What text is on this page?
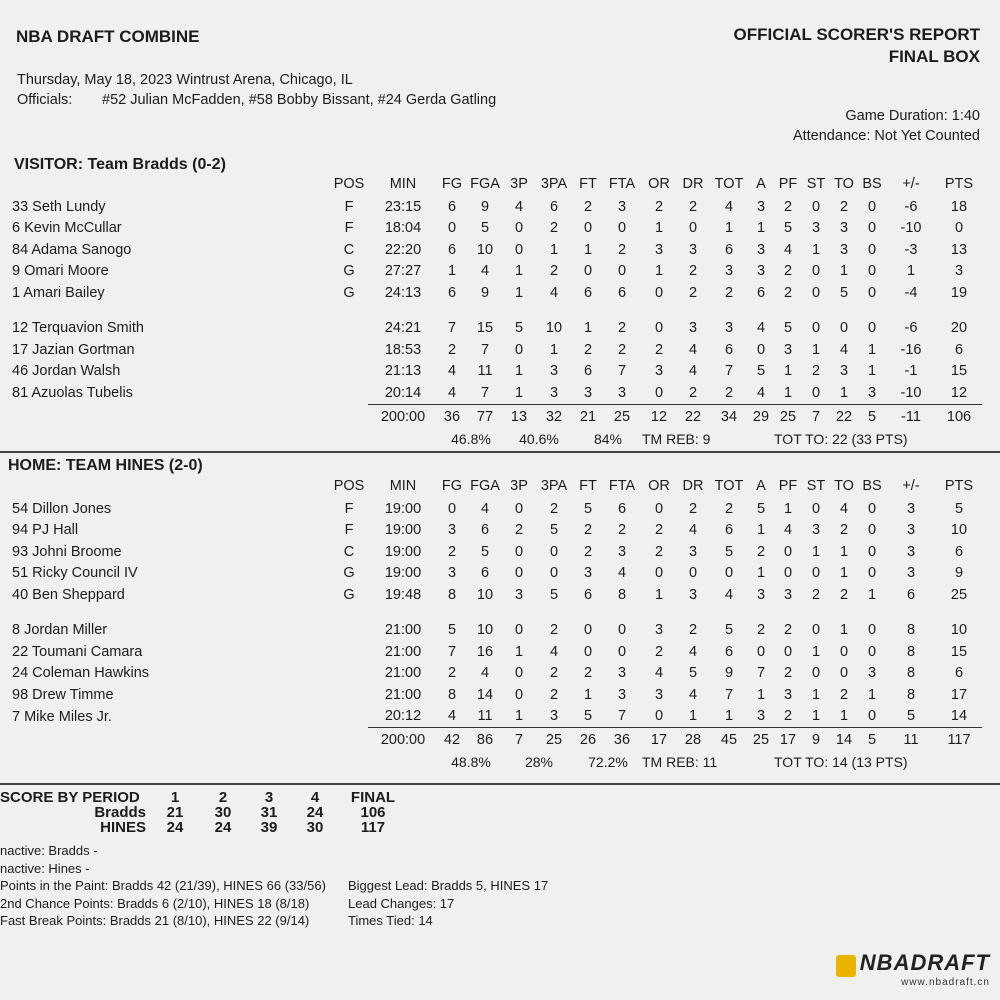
NBA DRAFT COMBINE	OFFICIAL SCORER'S REPORT
FINAL BOX
Thursday, May 18, 2023 Wintrust Arena, Chicago, IL
Officials: #52 Julian McFadden, #58 Bobby Bissant, #24 Gerda Gatling
Game Duration: 1:40
Attendance: Not Yet Counted
VISITOR: Team Bradds (0-2)
	POS	MIN	FG	FGA	3P	3PA	FT	FTA	OR	DR	TOT	A	PF	ST	TO	BS	+/-	PTS
33 Seth Lundy	F	23:15	6	9	4	6	2	3	2	2	4	3	2	0	2	0	-6	18
6 Kevin McCullar	F	18:04	0	5	0	2	0	0	1	0	1	1	5	3	3	0	-10	0
84 Adama Sanogo	C	22:20	6	10	0	1	1	2	3	3	6	3	4	1	3	0	-3	13
9 Omari Moore	G	27:27	1	4	1	2	0	0	1	2	3	3	2	0	1	0	1	3
1 Amari Bailey	G	24:13	6	9	1	4	6	6	0	2	2	6	2	0	5	0	-4	19

12 Terquavion Smith		24:21	7	15	5	10	1	2	0	3	3	4	5	0	0	0	-6	20
17 Jazian Gortman		18:53	2	7	0	1	2	2	2	4	6	0	3	1	4	1	-16	6
46 Jordan Walsh		21:13	4	11	1	3	6	7	3	4	7	5	1	2	3	1	-1	15
81 Azuolas Tubelis		20:14	4	7	1	3	3	3	0	2	2	4	1	0	1	3	-10	12
		200:00	36	77	13	32	21	25	12	22	34	29	25	7	22	5	-11	106
			46.8%		40.6%		84%		TM REB: 9				TOT TO: 22 (33 PTS)					
HOME: TEAM HINES (2-0)
	POS	MIN	FG	FGA	3P	3PA	FT	FTA	OR	DR	TOT	A	PF	ST	TO	BS	+/-	PTS
54 Dillon Jones	F	19:00	0	4	0	2	5	6	0	2	2	5	1	0	4	0	3	5
94 PJ Hall	F	19:00	3	6	2	5	2	2	2	4	6	1	4	3	2	0	3	10
93 Johni Broome	C	19:00	2	5	0	0	2	3	2	3	5	2	0	1	1	0	3	6
51 Ricky Council IV	G	19:00	3	6	0	0	3	4	0	0	0	1	0	0	1	0	3	9
40 Ben Sheppard	G	19:48	8	10	3	5	6	8	1	3	4	3	3	2	2	1	6	25

8 Jordan Miller		21:00	5	10	0	2	0	0	3	2	5	2	2	0	1	0	8	10
22 Toumani Camara		21:00	7	16	1	4	0	0	2	4	6	0	0	1	0	0	8	15
24 Coleman Hawkins		21:00	2	4	0	2	2	3	4	5	9	7	2	0	0	3	8	6
98 Drew Timme		21:00	8	14	0	2	1	3	3	4	7	1	3	1	2	1	8	17
7 Mike Miles Jr.		20:12	4	11	1	3	5	7	0	1	1	3	2	1	1	0	5	14
		200:00	42	86	7	25	26	36	17	28	45	25	17	9	14	5	11	117
			48.8%		28%		72.2%		TM REB: 11				TOT TO: 14 (13 PTS)					
SCORE BY PERIOD	1	2	3	4	FINAL
Bradds	21	30	31	24	106
HINES	24	24	39	30	117
nactive: Bradds -
nactive: Hines -
Points in the Paint: Bradds 42 (21/39), HINES 66 (33/56)
2nd Chance Points: Bradds 6 (2/10), HINES 18 (8/18)
Fast Break Points: Bradds 21 (8/10), HINES 22 (9/14)
Biggest Lead: Bradds 5, HINES 17
Lead Changes: 17
Times Tied: 14
NBADRAFT
www.nbadraft.cn
